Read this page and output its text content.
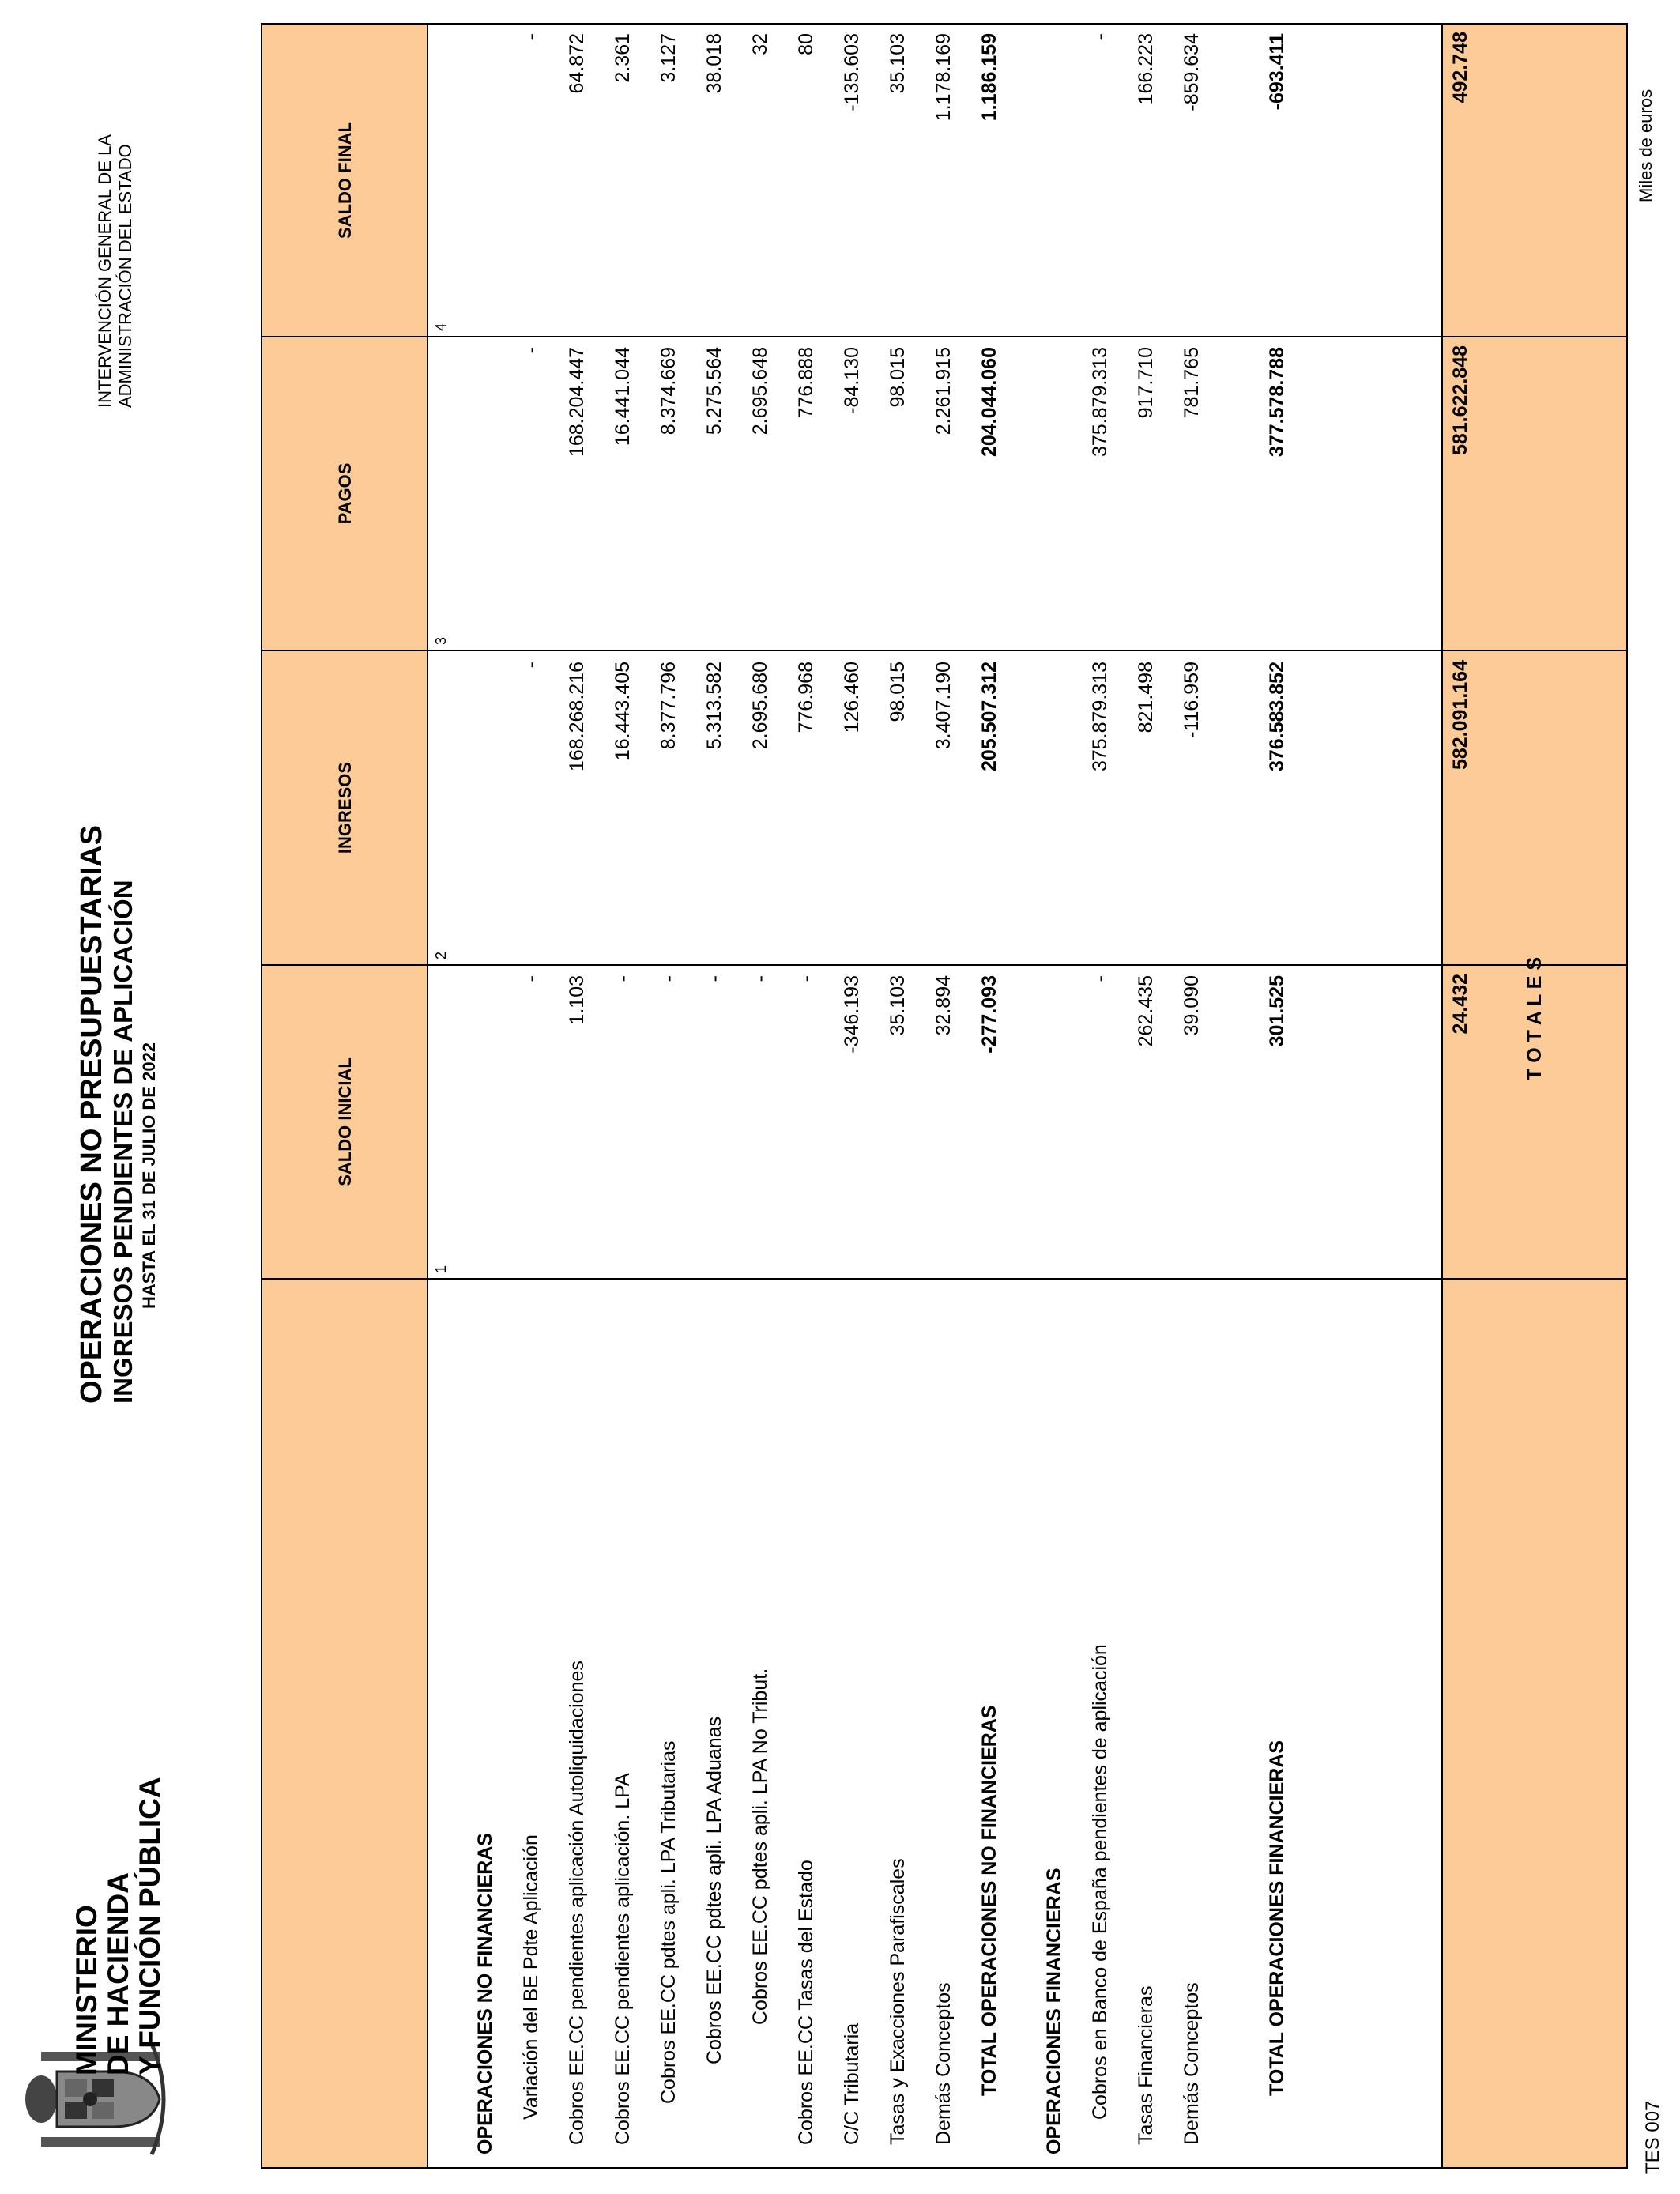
MINISTERIO DE HACIENDA Y FUNCIÓN PÚBLICA
OPERACIONES NO PRESUPUESTARIAS INGRESOS PENDIENTES DE APLICACIÓN HASTA EL 31 DE JULIO DE 2022
INTERVENCIÓN GENERAL DE LA ADMINISTRACIÓN DEL ESTADO	Miles de euros
TES 007
SALDO INICIAL
INGRESOS
PAGOS
SALDO FINAL
1
2
3
4
OPERACIONES NO FINANCIERAS Variación del BE Pdte Aplicación
-
-
-
-
Cobros EE.CC pendientes aplicación Autoliquidaciones
1.103
168.268.216
168.204.447
64.872
Cobros EE.CC pendientes aplicación. LPA
-
16.443.405
16.441.044
2.361
Cobros EE.CC pdtes apli. LPA Tributarias
-
8.377.796
8.374.669
3.127
Cobros EE.CC pdtes apli. LPA Aduanas
-
5.313.582
5.275.564
38.018
Cobros EE.CC pdtes apli. LPA No Tribut.
-
2.695.680
2.695.648
32
Cobros EE.CC Tasas del Estado
-
776.968
776.888
80
C/C Tributaria
-346.193
126.460
-84.130
-135.603
Tasas y Exacciones Parafiscales
35.103
98.015
98.015
35.103
Demás Conceptos
32.894
3.407.190
2.261.915
1.178.169
TOTAL OPERACIONES NO FINANCIERAS
-277.093
205.507.312
204.044.060
1.186.159
OPERACIONES FINANCIERAS Cobros en Banco de España pendientes de aplicación
-
375.879.313
375.879.313
-
Tasas Financieras
262.435
821.498
917.710
166.223
Demás Conceptos
39.090
-116.959
781.765
-859.634
TOTAL OPERACIONES FINANCIERAS
301.525
376.583.852
377.578.788
-693.411
T O T A L E S
24.432
582.091.164
581.622.848
492.748
